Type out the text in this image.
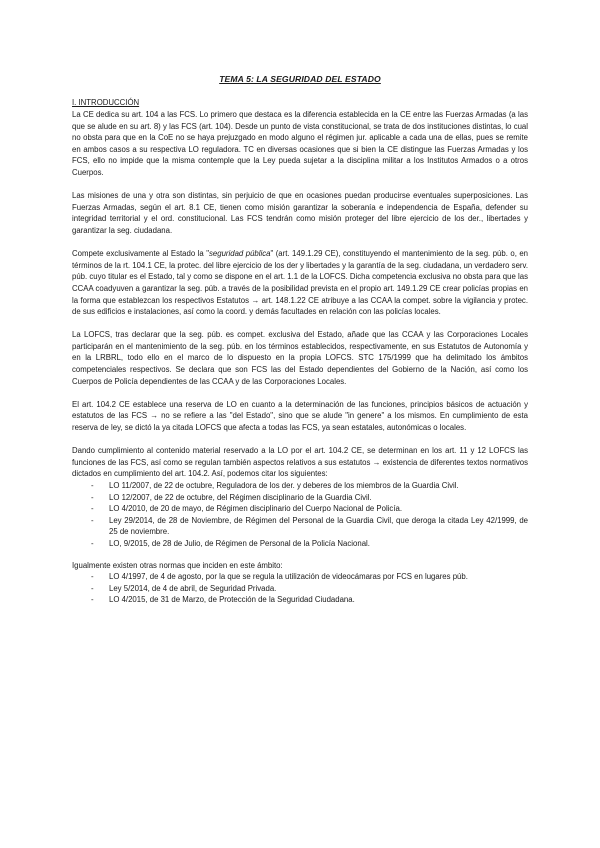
TEMA 5: LA SEGURIDAD DEL ESTADO
I. INTRODUCCIÓN

La CE dedica su art. 104 a las FCS. Lo primero que destaca es la diferencia establecida en la CE entre las Fuerzas Armadas (a las que se alude en su art. 8) y las FCS (art. 104). Desde un punto de vista constitucional, se trata de dos instituciones distintas, lo cual no obsta para que en la CoE no se haya prejuzgado en modo alguno el régimen jur. aplicable a cada una de ellas, pues se remite en ambos casos a su respectiva LO reguladora. TC en diversas ocasiones que si bien la CE distingue las Fuerzas Armadas y los FCS, ello no impide que la misma contemple que la Ley pueda sujetar a la disciplina militar a los Institutos Armados o a otros Cuerpos.

Las misiones de una y otra son distintas, sin perjuicio de que en ocasiones puedan producirse eventuales superposiciones. Las Fuerzas Armadas, según el art. 8.1 CE, tienen como misión garantizar la soberanía e independencia de España, defender su integridad territorial y el ord. constitucional. Las FCS tendrán como misión proteger del libre ejercicio de los der., libertades y garantizar la seg. ciudadana.

Compete exclusivamente al Estado la "seguridad pública" (art. 149.1.29 CE), constituyendo el mantenimiento de la seg. púb. o, en términos de la rt. 104.1 CE, la protec. del libre ejercicio de los der y libertades y la garantía de la seg. ciudadana, un verdadero serv. púb. cuyo titular es el Estado, tal y como se dispone en el art. 1.1 de la LOFCS. Dicha competencia exclusiva no obsta para que las CCAA coadyuven a garantizar la seg. púb. a través de la posibilidad prevista en el propio art. 149.1.29 CE crear policías propias en la forma que establezcan los respectivos Estatutos → art. 148.1.22 CE atribuye a las CCAA la compet. sobre la vigilancia y protec. de sus edificios e instalaciones, así como la coord. y demás facultades en relación con las policías locales.

La LOFCS, tras declarar que la seg. púb. es compet. exclusiva del Estado, añade que las CCAA y las Corporaciones Locales participarán en el mantenimiento de la seg. púb. en los términos establecidos, respectivamente, en sus Estatutos de Autonomía y en la LRBRL, todo ello en el marco de lo dispuesto en la propia LOFCS. STC 175/1999 que ha delimitado los ámbitos competenciales respectivos. Se declara que son FCS las del Estado dependientes del Gobierno de la Nación, así como los Cuerpos de Policía dependientes de las CCAA y de las Corporaciones Locales.

El art. 104.2 CE establece una reserva de LO en cuanto a la determinación de las funciones, principios básicos de actuación y estatutos de las FCS → no se refiere a las "del Estado", sino que se alude "in genere" a los mismos. En cumplimiento de esta reserva de ley, se dictó la ya citada LOFCS que afecta a todas las FCS, ya sean estatales, autonómicas o locales.

Dando cumplimiento al contenido material reservado a la LO por el art. 104.2 CE, se determinan en los art. 11 y 12 LOFCS las funciones de las FCS, así como se regulan también aspectos relativos a sus estatutos → existencia de diferentes textos normativos dictados en cumplimiento del art. 104.2. Así, podemos citar los siguientes:

- LO 11/2007, de 22 de octubre, Reguladora de los der. y deberes de los miembros de la Guardia Civil.
- LO 12/2007, de 22 de octubre, del Régimen disciplinario de la Guardia Civil.
- LO 4/2010, de 20 de mayo, de Régimen disciplinario del Cuerpo Nacional de Policía.
- Ley 29/2014, de 28 de Noviembre, de Régimen del Personal de la Guardia Civil, que deroga la citada Ley 42/1999, de 25 de noviembre.
- LO, 9/2015, de 28 de Julio, de Régimen de Personal de la Policía Nacional.

Igualmente existen otras normas que inciden en este ámbito:

- LO 4/1997, de 4 de agosto, por la que se regula la utilización de videocámaras por FCS en lugares púb.
- Ley 5/2014, de 4 de abril, de Seguridad Privada.
- LO 4/2015, de 31 de Marzo, de Protección de la Seguridad Ciudadana.
